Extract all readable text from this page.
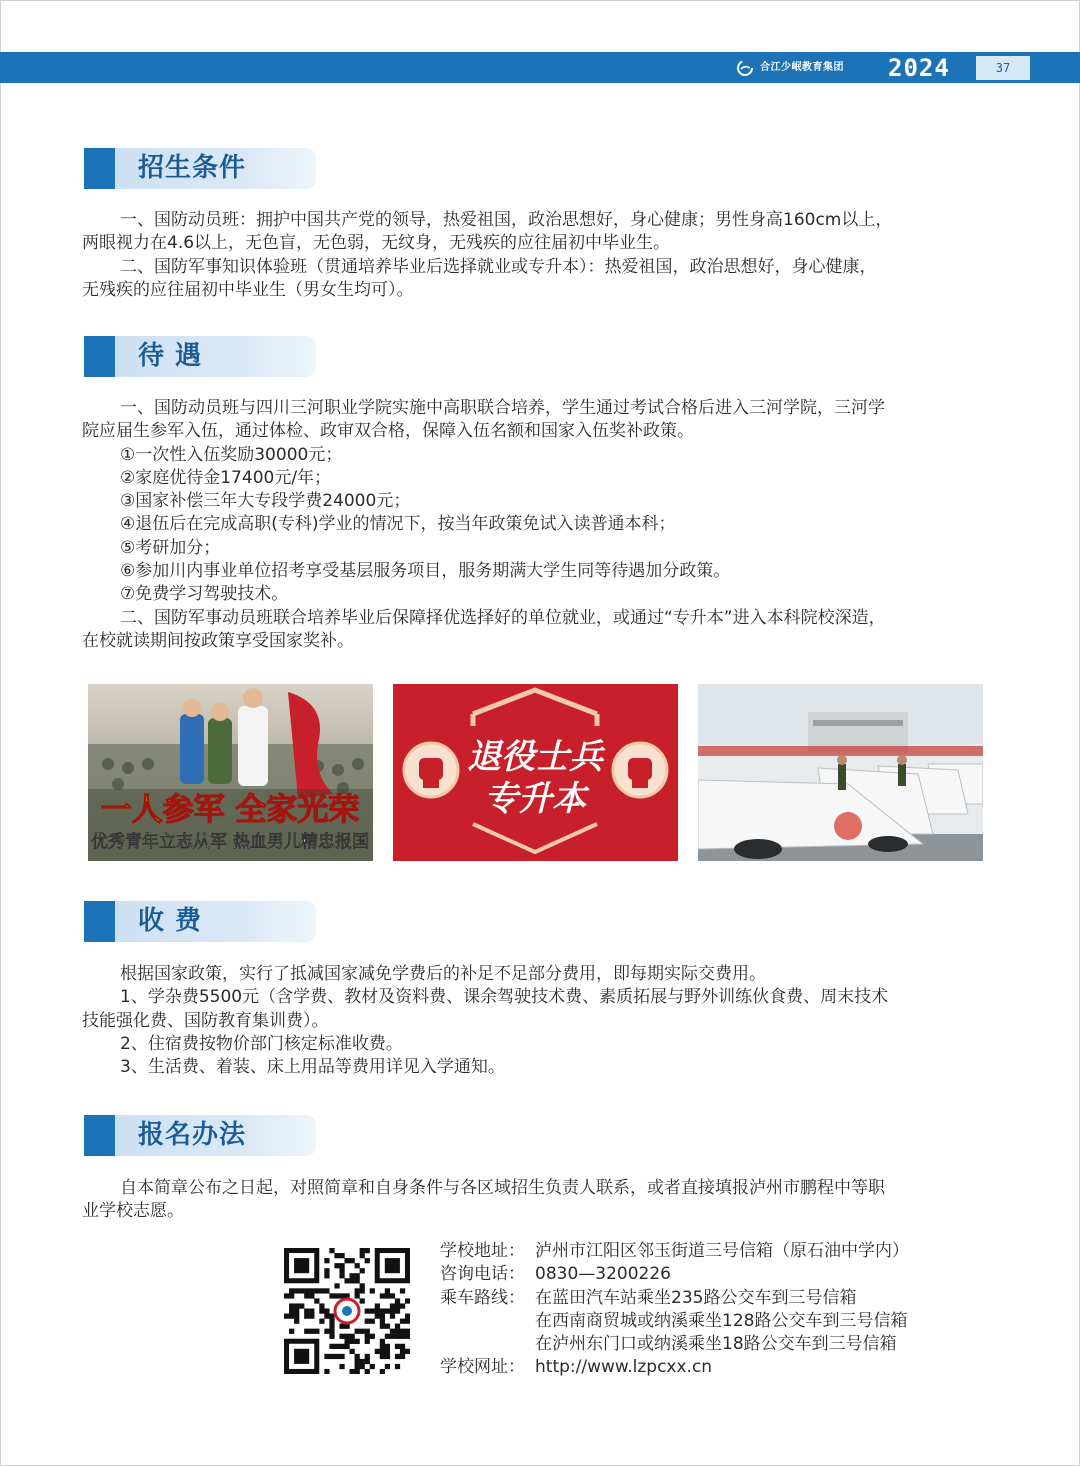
合江少岷教育集团 2024	37
招生条件
一、国防动员班：拥护中国共产党的领导，热爱祖国，政治思想好，身心健康；男性身高160cm以上，
两眼视力在4.6以上，无色盲，无色弱，无纹身，无残疾的应往届初中毕业生。
二、国防军事知识体验班（贯通培养毕业后选择就业或专升本）：热爱祖国，政治思想好，身心健康，
无残疾的应往届初中毕业生（男女生均可）。
待 遇
一、国防动员班与四川三河职业学院实施中高职联合培养，学生通过考试合格后进入三河学院，三河学
院应届生参军入伍，通过体检、政审双合格，保障入伍名额和国家入伍奖补政策。
①一次性入伍奖励30000元；
②家庭优待金17400元/年；
③国家补偿三年大专段学费24000元；
④退伍后在完成高职(专科)学业的情况下，按当年政策免试入读普通本科；
⑤考研加分；
⑥参加川内事业单位招考享受基层服务项目，服务期满大学生同等待遇加分政策。
⑦免费学习驾驶技术。
二、国防军事动员班联合培养毕业后保障择优选择好的单位就业，或通过“专升本”进入本科院校深造，
在校就读期间按政策享受国家奖补。
一人参军 全家光荣
优秀青年立志从军 热血男儿精忠报国
退役士兵
专升本
收 费
根据国家政策，实行了抵减国家减免学费后的补足不足部分费用，即每期实际交费用。
1、学杂费5500元（含学费、教材及资料费、课余驾驶技术费、素质拓展与野外训练伙食费、周末技术
技能强化费、国防教育集训费）。
2、住宿费按物价部门核定标准收费。
3、生活费、着装、床上用品等费用详见入学通知。
报名办法
自本简章公布之日起，对照简章和自身条件与各区域招生负责人联系，或者直接填报泸州市鹏程中等职
业学校志愿。
学校地址： 泸州市江阳区邻玉街道三号信箱（原石油中学内）
咨询电话： 0830—3200226
乘车路线： 在蓝田汽车站乘坐235路公交车到三号信箱
在西南商贸城或纳溪乘坐128路公交车到三号信箱
在泸州东门口或纳溪乘坐18路公交车到三号信箱
学校网址： http://www.lzpcxx.cn
